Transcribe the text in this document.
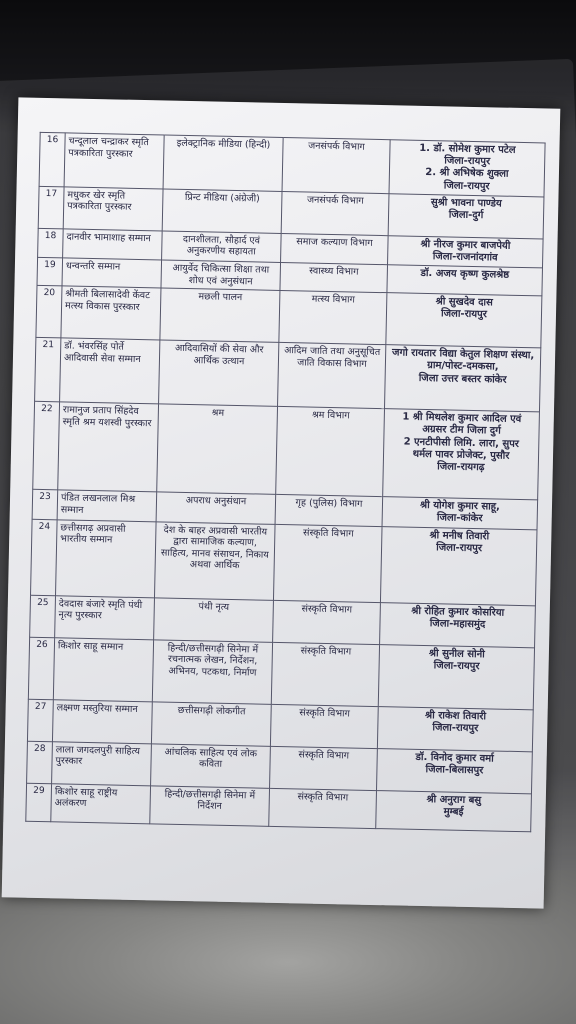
16	चन्दूलाल चन्द्राकर स्मृति पत्रकारिता पुरस्कार	इलेक्ट्रानिक मीडिया (हिन्दी)	जनसंपर्क विभाग	1. डॉ. सोमेश कुमार पटेल
जिला-रायपुर
2. श्री अभिषेक शुक्ला
जिला-रायपुर

17	मधुकर खेर स्मृति पत्रकारिता पुरस्कार	प्रिन्ट मीडिया (अंग्रेजी)	जनसंपर्क विभाग	सुश्री भावना पाण्डेय
जिला-दुर्ग

18	दानवीर भामाशाह सम्मान	दानशीलता, सौहार्द एवं अनुकरणीय सहायता	समाज कल्याण विभाग	श्री नीरज कुमार बाजपेयी
जिला-राजनांदगांव

19	धन्वन्तरि सम्मान	आयुर्वेद चिकित्सा शिक्षा तथा शोध एवं अनुसंधान	स्वास्थ्य विभाग	डॉ. अजय कृष्ण कुलश्रेष्ठ

20	श्रीमती बिलासादेवी केंवट मत्स्य विकास पुरस्कार	मछली पालन	मत्स्य विभाग	श्री सुखदेव दास
जिला-रायपुर

21	डॉ. भंवरसिंह पोर्ते आदिवासी सेवा सम्मान	आदिवासियों की सेवा और आर्थिक उत्थान	आदिम जाति तथा अनुसूचित जाति विकास विभाग	जगो रायतार विद्या केतुल शिक्षण संस्था,
ग्राम/पोस्ट-दमकसा,
जिला उत्तर बस्तर कांकेर

22	रामानुज प्रताप सिंहदेव स्मृति श्रम यशस्वी पुरस्कार	श्रम	श्रम विभाग	1 श्री मिथलेश कुमार आदिल एवं
अग्रसर टीम जिला दुर्ग
2 एनटीपीसी लिमि. लारा, सुपर
थर्मल पावर प्रोजेक्ट, पुसौर
जिला-रायगढ़

23	पंडित लखनलाल मिश्र सम्मान	अपराध अनुसंधान	गृह (पुलिस) विभाग	श्री योगेश कुमार साहू,
जिला-कांकेर

24	छत्तीसगढ़ अप्रवासी भारतीय सम्मान	देश के बाहर अप्रवासी भारतीय द्वारा सामाजिक कल्याण, साहित्य, मानव संसाधन, निकाय अथवा आर्थिक	संस्कृति विभाग	श्री मनीष तिवारी
जिला-रायपुर

25	देवदास बंजारे स्मृति पंथी नृत्य पुरस्कार	पंथी नृत्य	संस्कृति विभाग	श्री रोहित कुमार कोसरिया
जिला-महासमुंद

26	किशोर साहू सम्मान	हिन्दी/छत्तीसगढ़ी सिनेमा में रचनात्मक लेखन, निर्देशन, अभिनय, पटकथा, निर्माण	संस्कृति विभाग	श्री सुनील सोनी
जिला-रायपुर

27	लक्ष्मण मस्तुरिया सम्मान	छत्तीसगढ़ी लोकगीत	संस्कृति विभाग	श्री राकेश तिवारी
जिला-रायपुर

28	लाला जगदलपुरी साहित्य पुरस्कार	आंचलिक साहित्य एवं लोक कविता	संस्कृति विभाग	डॉ. विनोद कुमार वर्मा
जिला-बिलासपुर

29	किशोर साहू राष्ट्रीय अलंकरण	हिन्दी/छत्तीसगढ़ी सिनेमा में निर्देशन	संस्कृति विभाग	श्री अनुराग बसु
मुम्बई
